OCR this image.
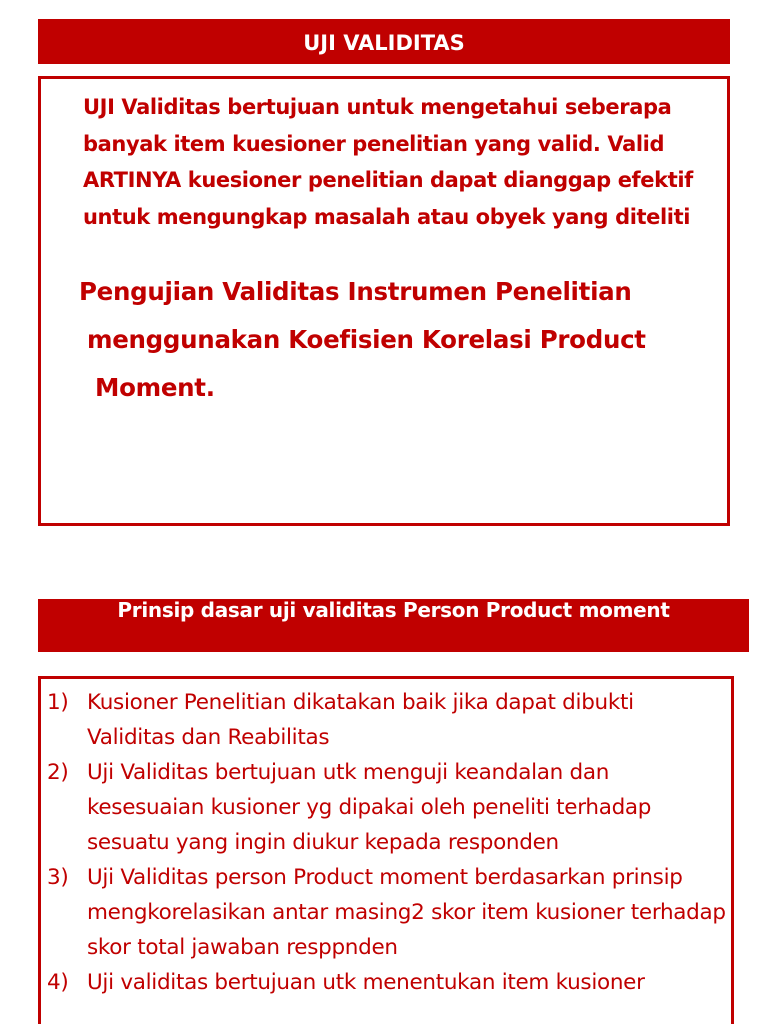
UJI VALIDITAS

UJI Validitas bertujuan untuk mengetahui seberapa banyak item kuesioner penelitian yang valid. Valid ARTINYA kuesioner penelitian dapat dianggap efektif untuk mengungkap masalah atau obyek yang diteliti

Pengujian Validitas Instrumen Penelitian
menggunakan Koefisien Korelasi Product
Moment.
Prinsip dasar uji validitas Person Product moment
1) Kusioner Penelitian dikatakan baik jika dapat dibukti Validitas dan Reabilitas
2) Uji Validitas bertujuan utk menguji keandalan dan kesesuaian kusioner yg dipakai oleh peneliti terhadap sesuatu yang ingin diukur kepada responden
3) Uji Validitas person Product moment berdasarkan prinsip mengkorelasikan antar masing2 skor item kusioner terhadap skor total jawaban resppnden
4) Uji validitas bertujuan utk menentukan item kusioner
